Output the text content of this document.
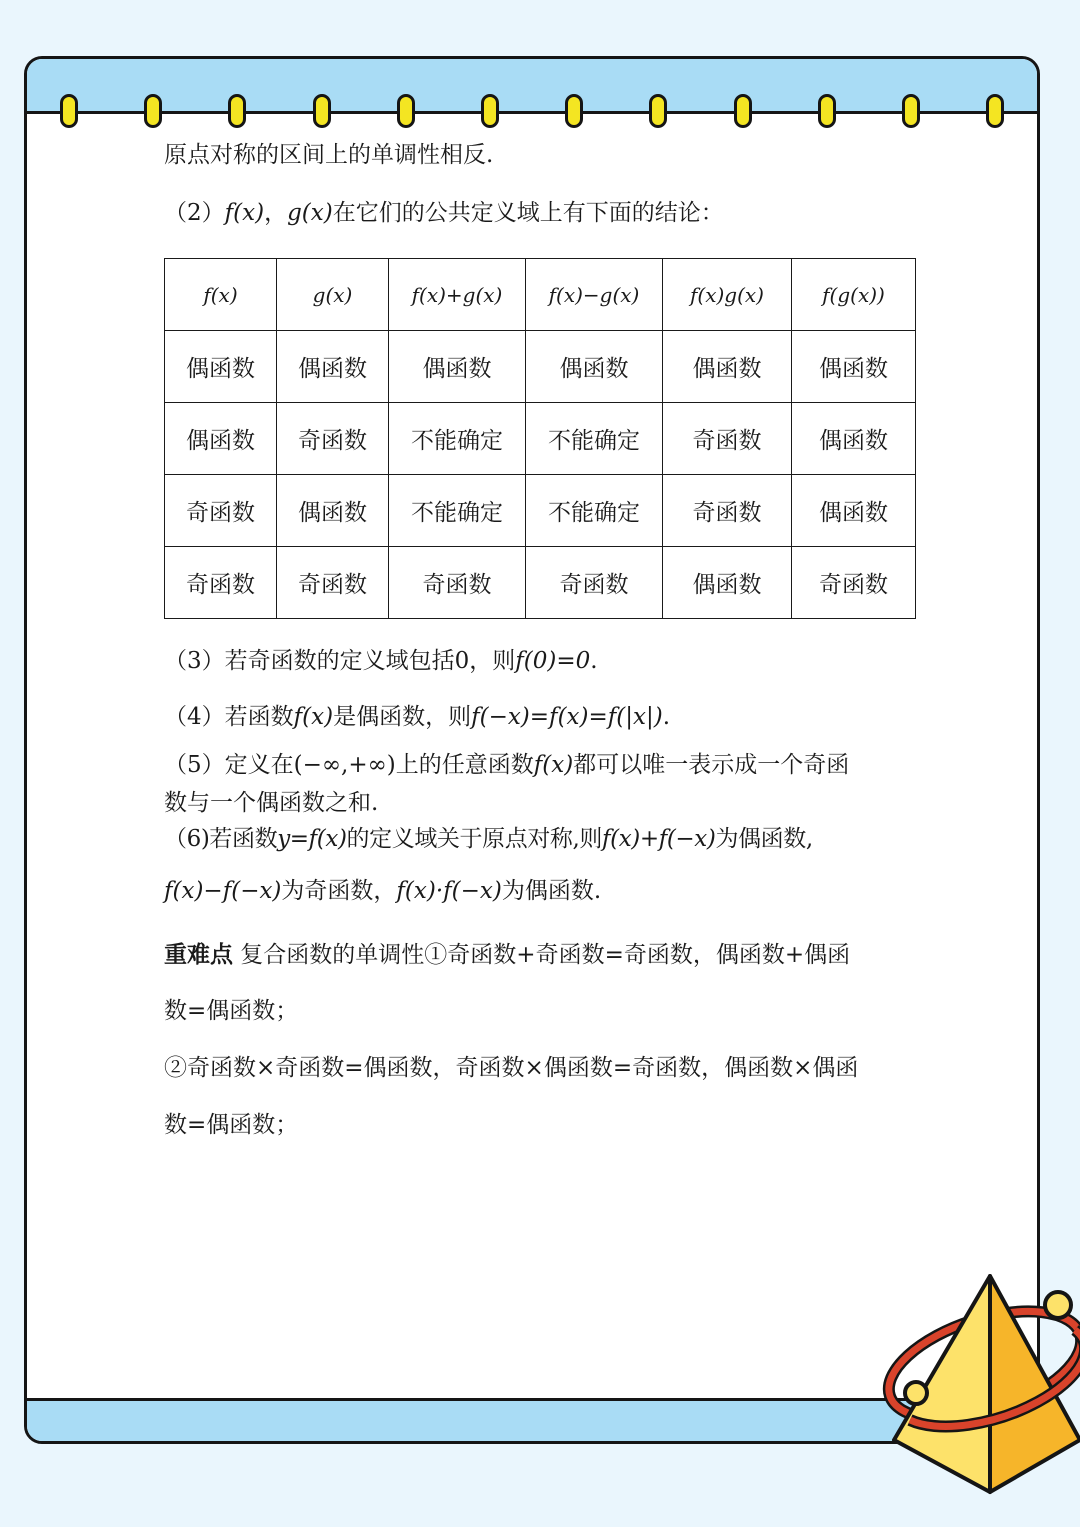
原点对称的区间上的单调性相反.
（2）f(x)，g(x)在它们的公共定义域上有下面的结论：
（3）若奇函数的定义域包括0，则f(0)=0.
（4）若函数f(x)是偶函数，则f(−x)=f(x)=f(|x|).
（5）定义在(−∞,+∞)上的任意函数f(x)都可以唯一表示成一个奇函
数与一个偶函数之和.
（6)若函数y=f(x)的定义域关于原点对称,则f(x)+f(−x)为偶函数,
f(x)−f(−x)为奇函数，f(x)·f(−x)为偶函数.
重难点 复合函数的单调性①奇函数+奇函数=奇函数，偶函数+偶函
数=偶函数；
②奇函数×奇函数=偶函数，奇函数×偶函数=奇函数，偶函数×偶函
数=偶函数；
f(x)	g(x)	f(x)+g(x)	f(x)−g(x)	f(x)g(x)	f(g(x))
偶函数	偶函数	偶函数	偶函数	偶函数	偶函数
偶函数	奇函数	不能确定	不能确定	奇函数	偶函数
奇函数	偶函数	不能确定	不能确定	奇函数	偶函数
奇函数	奇函数	奇函数	奇函数	偶函数	奇函数
